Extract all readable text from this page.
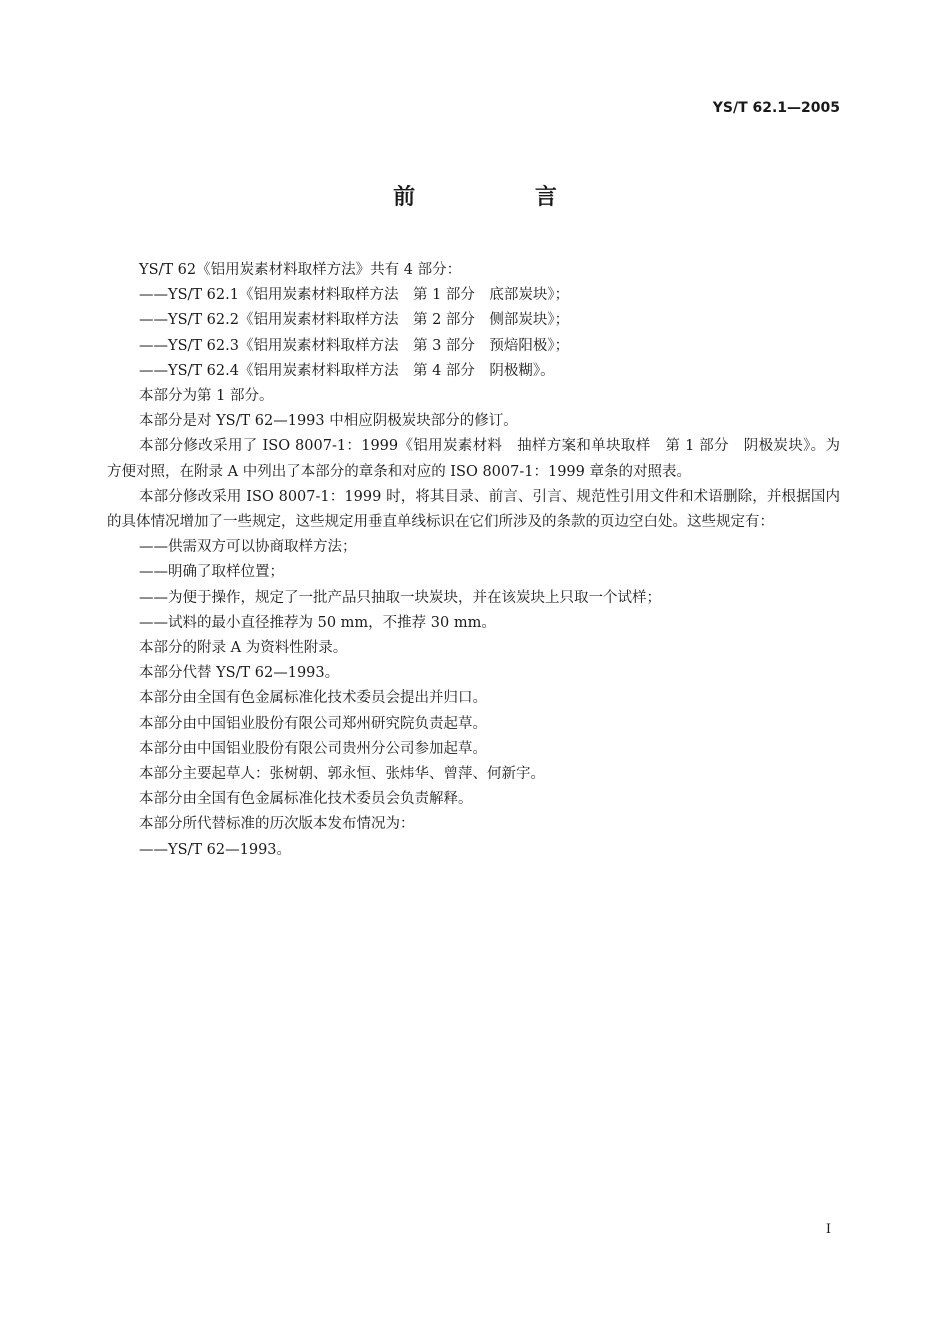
YS/T 62.1—2005
前 言

YS/T 62《铝用炭素材料取样方法》共有 4 部分：

——YS/T 62.1《铝用炭素材料取样方法　第 1 部分　底部炭块》；

——YS/T 62.2《铝用炭素材料取样方法　第 2 部分　侧部炭块》；

——YS/T 62.3《铝用炭素材料取样方法　第 3 部分　预焙阳极》；

——YS/T 62.4《铝用炭素材料取样方法　第 4 部分　阴极糊》。

本部分为第 1 部分。

本部分是对 YS/T 62—1993 中相应阴极炭块部分的修订。

本部分修改采用了 ISO 8007-1：1999《铝用炭素材料　抽样方案和单块取样　第 1 部分　阴极炭块》。为方便对照，在附录 A 中列出了本部分的章条和对应的 ISO 8007-1：1999 章条的对照表。

本部分修改采用 ISO 8007-1：1999 时，将其目录、前言、引言、规范性引用文件和术语删除，并根据国内的具体情况增加了一些规定，这些规定用垂直单线标识在它们所涉及的条款的页边空白处。这些规定有：

——供需双方可以协商取样方法；

——明确了取样位置；

——为便于操作，规定了一批产品只抽取一块炭块，并在该炭块上只取一个试样；

——试料的最小直径推荐为 50 mm，不推荐 30 mm。

本部分的附录 A 为资料性附录。

本部分代替 YS/T 62—1993。

本部分由全国有色金属标准化技术委员会提出并归口。

本部分由中国铝业股份有限公司郑州研究院负责起草。

本部分由中国铝业股份有限公司贵州分公司参加起草。

本部分主要起草人：张树朝、郭永恒、张炜华、曾萍、何新宇。

本部分由全国有色金属标准化技术委员会负责解释。

本部分所代替标准的历次版本发布情况为：

——YS/T 62—1993。

I
